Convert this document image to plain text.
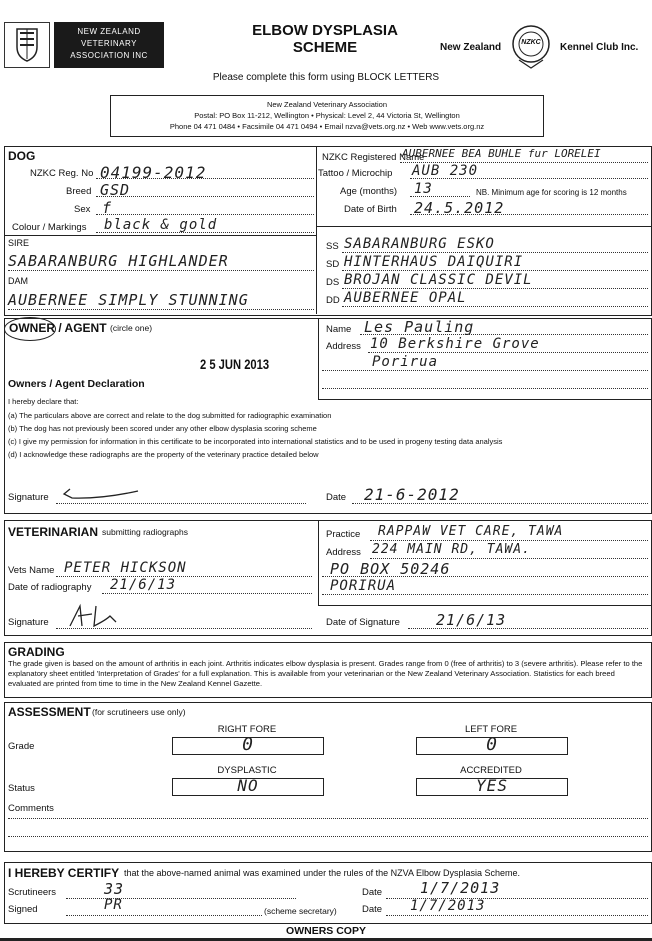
NEW ZEALAND
VETERINARY
ASSOCIATION INC
ELBOW DYSPLASIA
SCHEME	New Zealand	NZKC	Kennel Club Inc.
Please complete this form using BLOCK LETTERS
New Zealand Veterinary Association
Postal: PO Box 11-212, Wellington • Physical: Level 2, 44 Victoria St, Wellington
Phone 04 471 0484 • Facsimile 04 471 0494 • Email nzva@vets.org.nz • Web www.vets.org.nz
DOG
NZKC Reg. No 04199-2012
Breed GSD
Sex f
Colour / Markings black & gold
NZKC Registered Name
AUBERNEE BEA BUHLE fur LORELEI
Tattoo / Microchip AUB 230
Age (months) 13	NB. Minimum age for scoring is 12 months
Date of Birth 24.5.2012
SIRE
SABARANBURG HIGHLANDER
DAM
AUBERNEE SIMPLY STUNNING
SS SABARANBURG ESKO
SD HINTERHAUS DAIQUIRI
DS BROJAN CLASSIC DEVIL
DD AUBERNEE OPAL
OWNER / AGENT (circle one)
2 5 JUN 2013
Name Les Pauling
Address 10 Berkshire Grove
Porirua
Owners / Agent Declaration
I hereby declare that:
(a) The particulars above are correct and relate to the dog submitted for radiographic examination
(b) The dog has not previously been scored under any other elbow dysplasia scoring scheme
(c) I give my permission for information in this certificate to be incorporated into international statistics and to be used in progeny testing data analysis
(d) I acknowledge these radiographs are the property of the veterinary practice detailed below
Signature	Date 21-6-2012
VETERINARIAN submitting radiographs
Vets Name PETER HICKSON
Date of radiography 21/6/13
Signature
Practice RAPPAW VET CARE, TAWA
Address 224 MAIN RD, TAWA.
PO BOX 50246
PORIRUA
Date of Signature 21/6/13
GRADING
The grade given is based on the amount of arthritis in each joint. Arthritis indicates elbow dysplasia is present. Grades range from 0 (free of arthritis) to 3 (severe arthritis). Please refer to the explanatory sheet entitled 'Interpretation of Grades' for a full explanation. This is available from your veterinarian or the New Zealand Veterinary Association. Statistics for each breed evaluated are printed from time to time in the New Zealand Kennel Gazette.
ASSESSMENT (for scrutineers use only)
RIGHT FORE	LEFT FORE
Grade	0	0
DYSPLASTIC	ACCREDITED
Status	NO	YES
Comments
I HEREBY CERTIFY that the above-named animal was examined under the rules of the NZVA Elbow Dysplasia Scheme.
Scrutineers	33	Date	1/7/2013
Signed	PR	(scheme secretary)	Date 1/7/2013
OWNERS COPY
